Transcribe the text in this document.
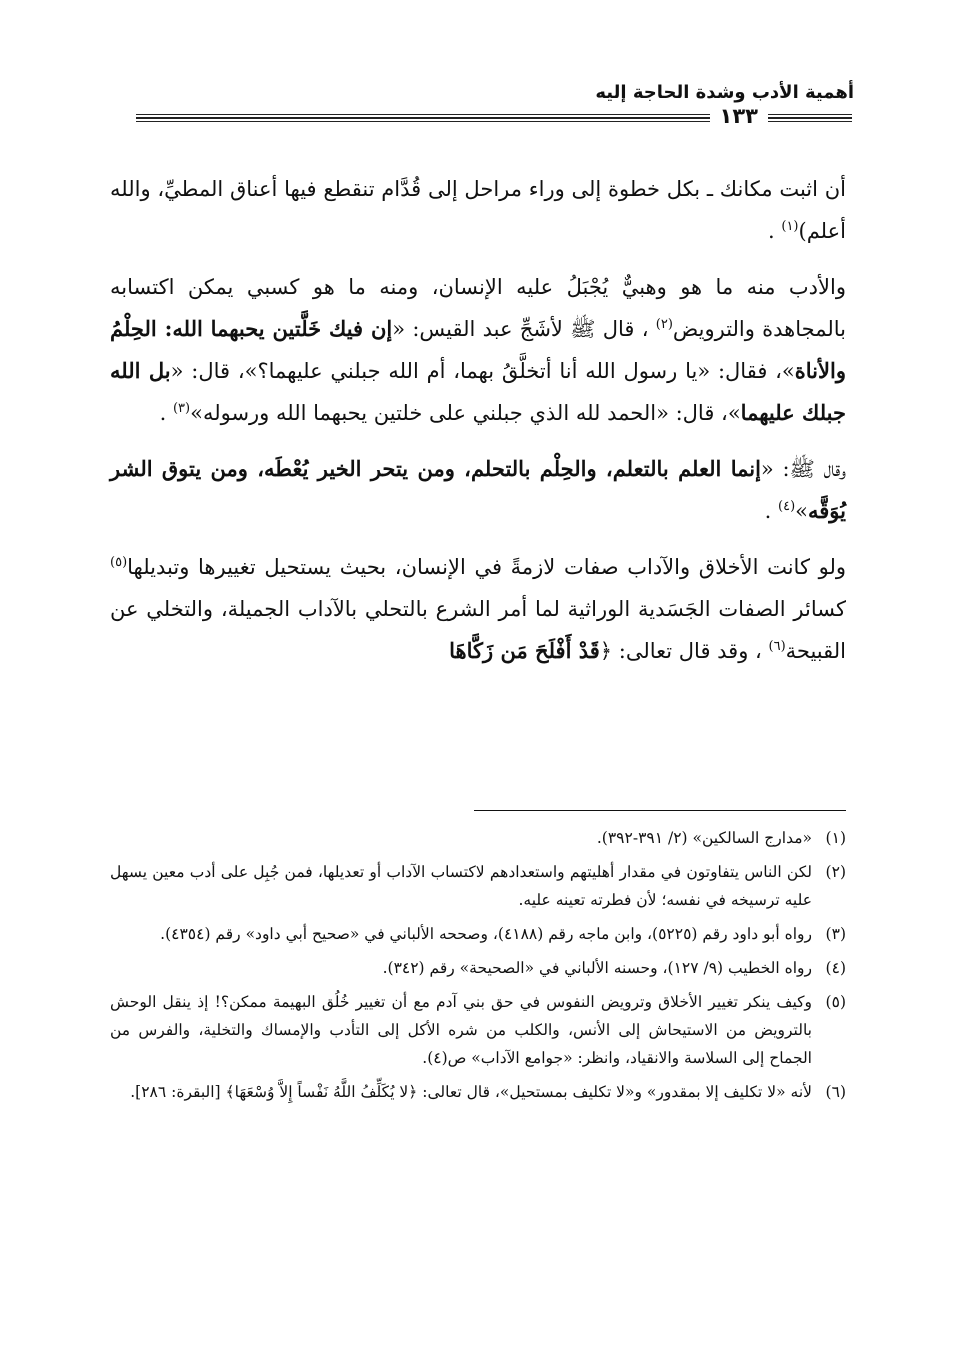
أهمية الأدب وشدة الحاجة إليه
١٣٣

أن اثبت مكانك ـ بكل خطوة إلى وراء مراحل إلى قُدَّام تنقطع فيها أعناق المطيِّ، والله أعلم)$^{(١)}$ .

والأدب منه ما هو وهبيٌّ يُجْبَلُ عليه الإنسان، ومنه ما هو كسبي يمكن اكتسابه بالمجاهدة والترويض$^{(٢)}$ ، قال ﷺ لأشَجِّ عبد القيس: «إن فيك خَلَّتين يحبهما الله: الحِلْمُ والأناة»، فقال: «يا رسول الله أنا أتخلَّقُ بهما، أم الله جبلني عليهما؟»، قال: «بل الله جبلك عليهما»، قال: «الحمد لله الذي جبلني على خلتين يحبهما الله ورسوله»$^{(٣)}$ .

وقال ﷺ: «إنما العلم بالتعلم، والحِلْم بالتحلم، ومن يتحر الخير يُعْطَه، ومن يتوق الشر يُوَقَّه»$^{(٤)}$ .

ولو كانت الأخلاق والآداب صفات لازمةً في الإنسان، بحيث يستحيل تغييرها وتبديلها$^{(٥)}$ كسائر الصفات الجَسَدية الوراثية لما أمر الشرع بالتحلي بالآداب الجميلة، والتخلي عن القبيحة$^{(٦)}$ ، وقد قال تعالى: ﴿قَدْ أَفْلَحَ مَن زَكَّاهَا

(١)
«مدارج السالكين» (٢/ ٣٩١-٣٩٢).
(٢)
لكن الناس يتفاوتون في مقدار أهليتهم واستعدادهم لاكتساب الآداب أو تعديلها، فمن جُبِل على أدب معين يسهل عليه ترسيخه في نفسه؛ لأن فطرته تعينه عليه.
(٣)
رواه أبو داود رقم (٥٢٢٥)، وابن ماجه رقم (٤١٨٨)، وصححه الألباني في «صحيح أبي داود» رقم (٤٣٥٤).
(٤)
رواه الخطيب (٩/ ١٢٧)، وحسنه الألباني في «الصحيحة» رقم (٣٤٢).
(٥)
وكيف ينكر تغيير الأخلاق وترويض النفوس في حق بني آدم مع أن تغيير خُلُق البهيمة ممكن؟! إذ ينقل الوحش بالترويض من الاستيحاش إلى الأنس، والكلب من شره الأكل إلى التأدب والإمساك والتخلية، والفرس من الجماح إلى السلاسة والانقياد، وانظر: «جوامع الآداب» ص(٤).
(٦)
لأنه «لا تكليف إلا بمقدور» و«لا تكليف بمستحيل»، قال تعالى: ﴿لا يُكَلِّفُ اللَّهُ نَفْساً إِلاَّ وُسْعَهَا﴾ [البقرة: ٢٨٦].
